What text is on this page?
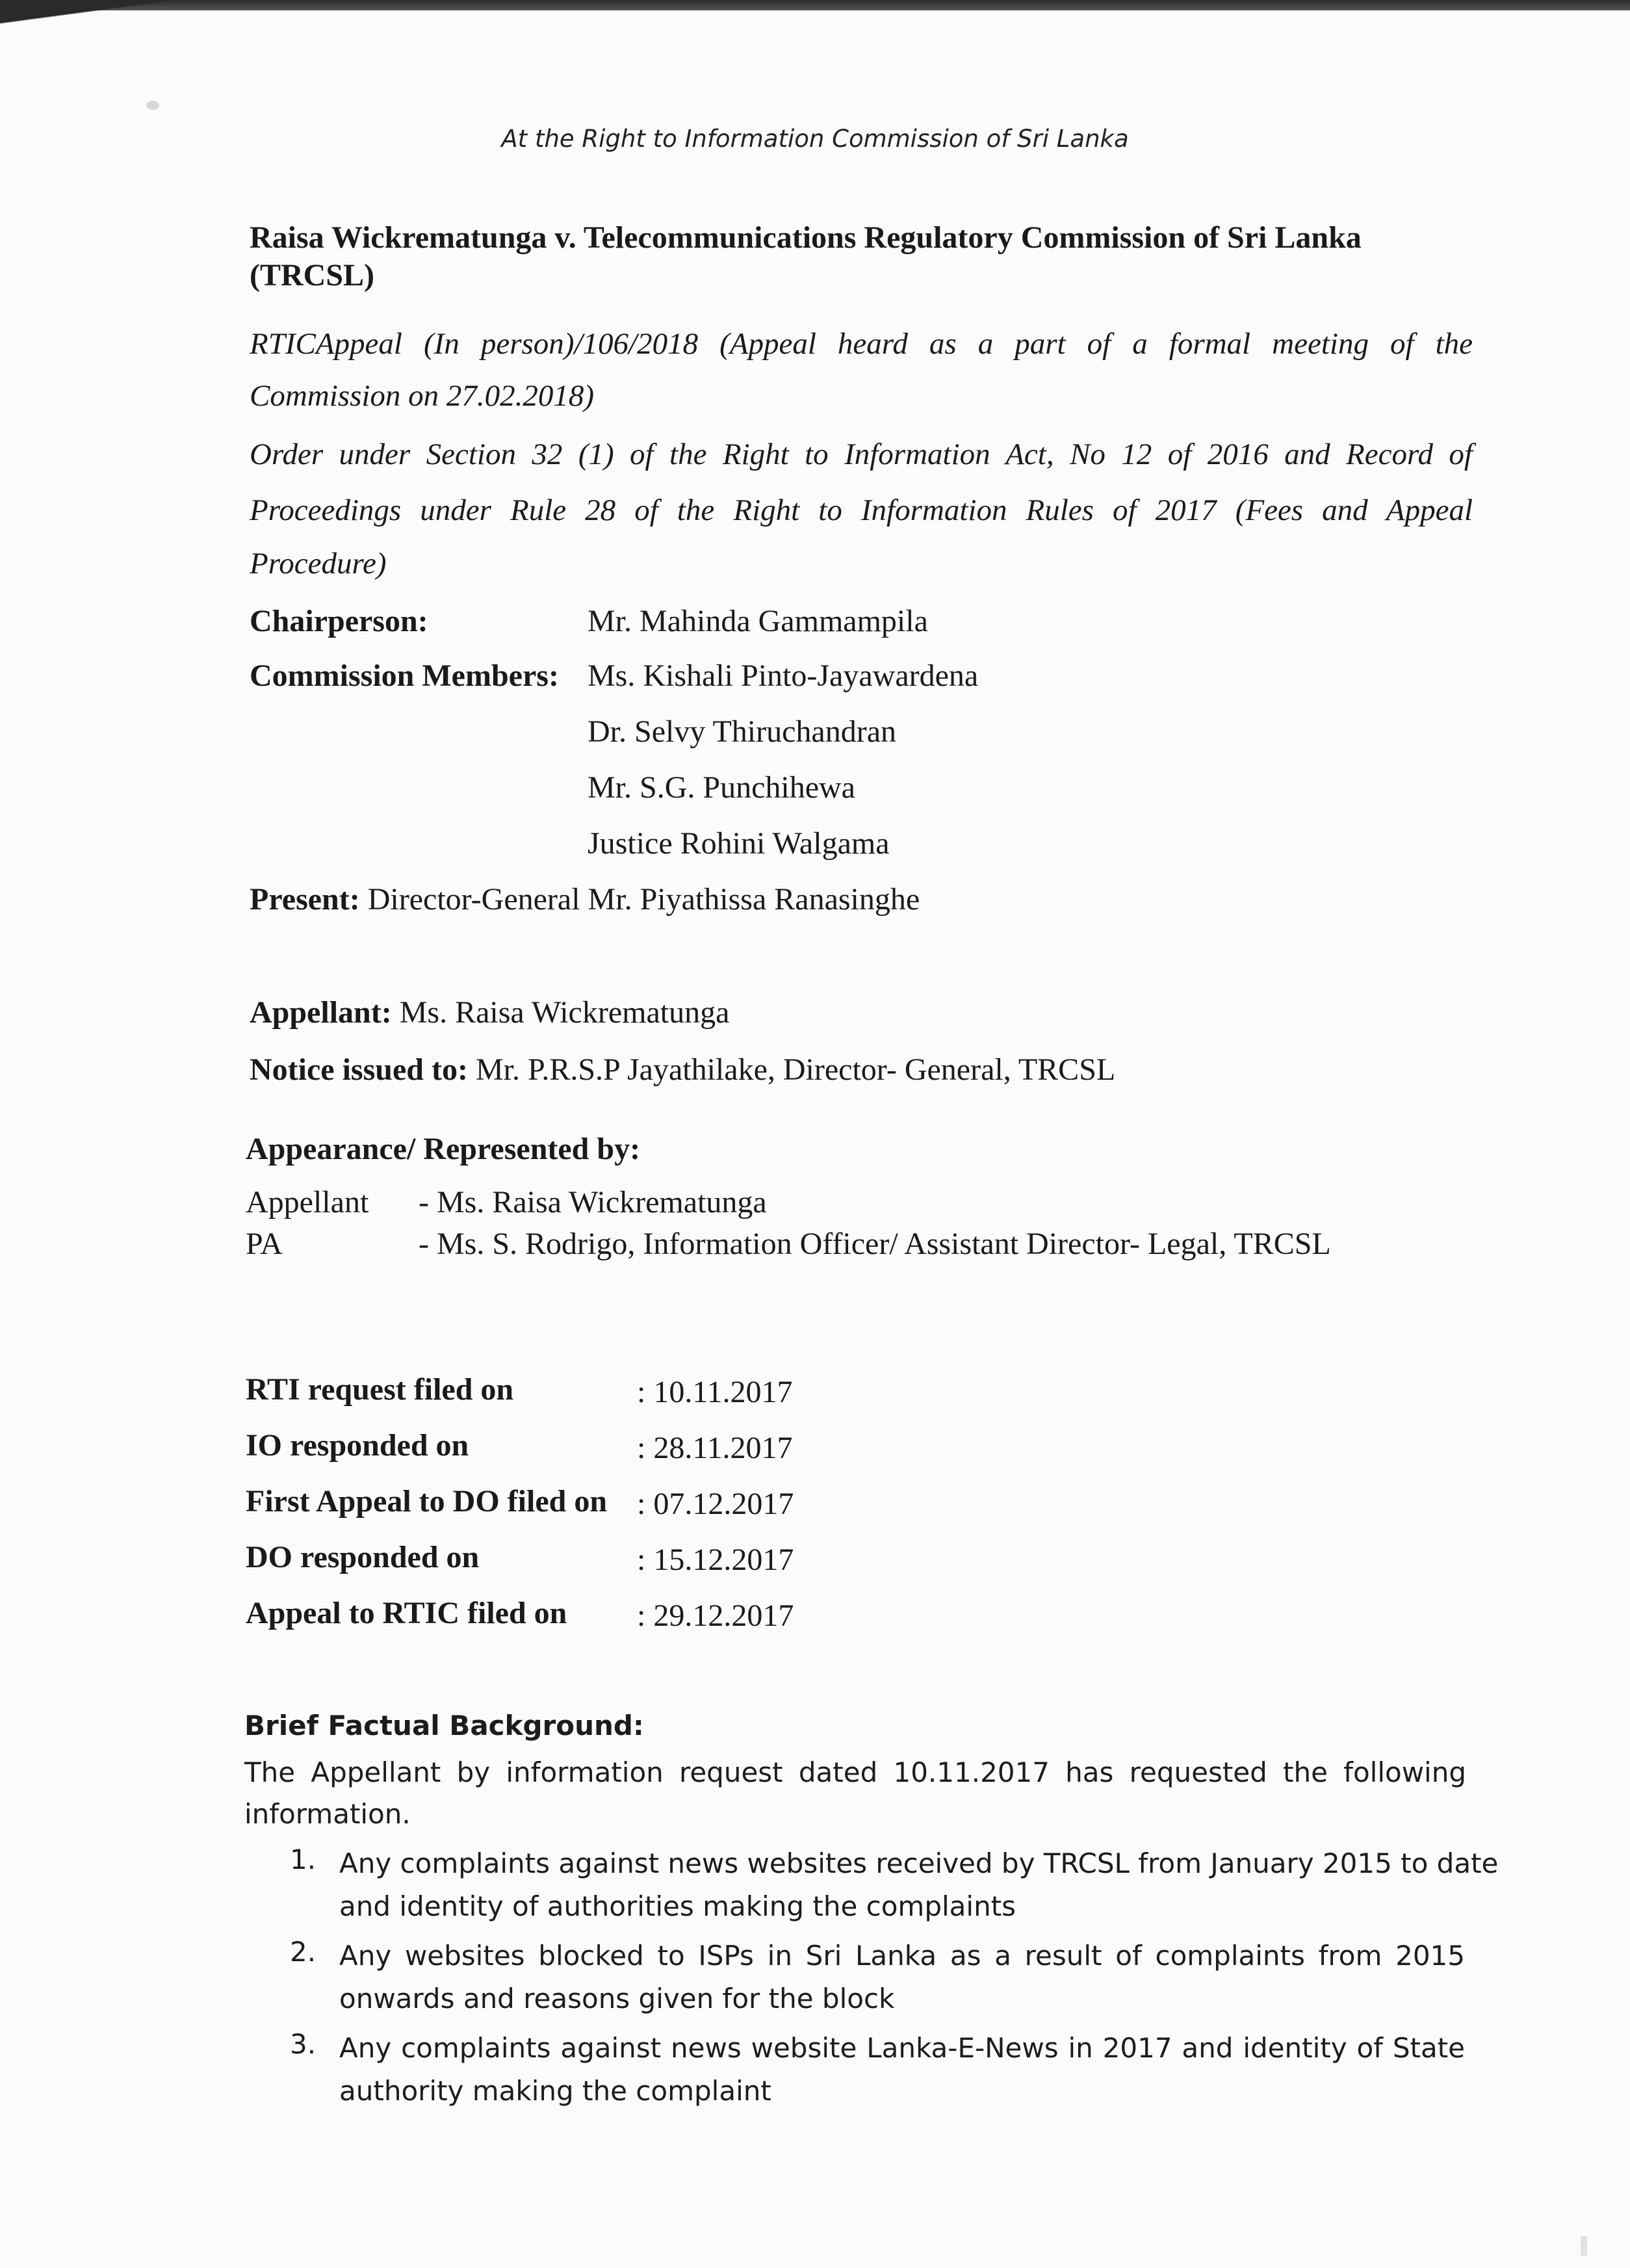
At the Right to Information Commission of Sri Lanka
Raisa Wickrematunga v. Telecommunications Regulatory Commission of Sri Lanka
(TRCSL)
RTICAppeal (In person)/106/2018 (Appeal heard as a part of a formal meeting of the
Commission on 27.02.2018)
Order under Section 32 (1) of the Right to Information Act, No 12 of 2016 and Record of
Proceedings under Rule 28 of the Right to Information Rules of 2017 (Fees and Appeal
Procedure)
Chairperson:	Mr. Mahinda Gammampila
Commission Members: Ms. Kishali Pinto-Jayawardena
Dr. Selvy Thiruchandran
Mr. S.G. Punchihewa
Justice Rohini Walgama
Present: Director-General Mr. Piyathissa Ranasinghe
Appellant: Ms. Raisa Wickrematunga
Notice issued to: Mr. P.R.S.P Jayathilake, Director- General, TRCSL
Appearance/ Represented by:
Appellant - Ms. Raisa Wickrematunga
PA	- Ms. S. Rodrigo, Information Officer/ Assistant Director- Legal, TRCSL
RTI request filed on	: 10.11.2017
IO responded on	: 28.11.2017
First Appeal to DO filed on : 07.12.2017
DO responded on	: 15.12.2017
Appeal to RTIC filed on : 29.12.2017
Brief Factual Background:
The Appellant by information request dated 10.11.2017 has requested the following
information.
1. Any complaints against news websites received by TRCSL from January 2015 to date
and identity of authorities making the complaints
2. Any websites blocked to ISPs in Sri Lanka as a result of complaints from 2015
onwards and reasons given for the block
3. Any complaints against news website Lanka-E-News in 2017 and identity of State
authority making the complaint
